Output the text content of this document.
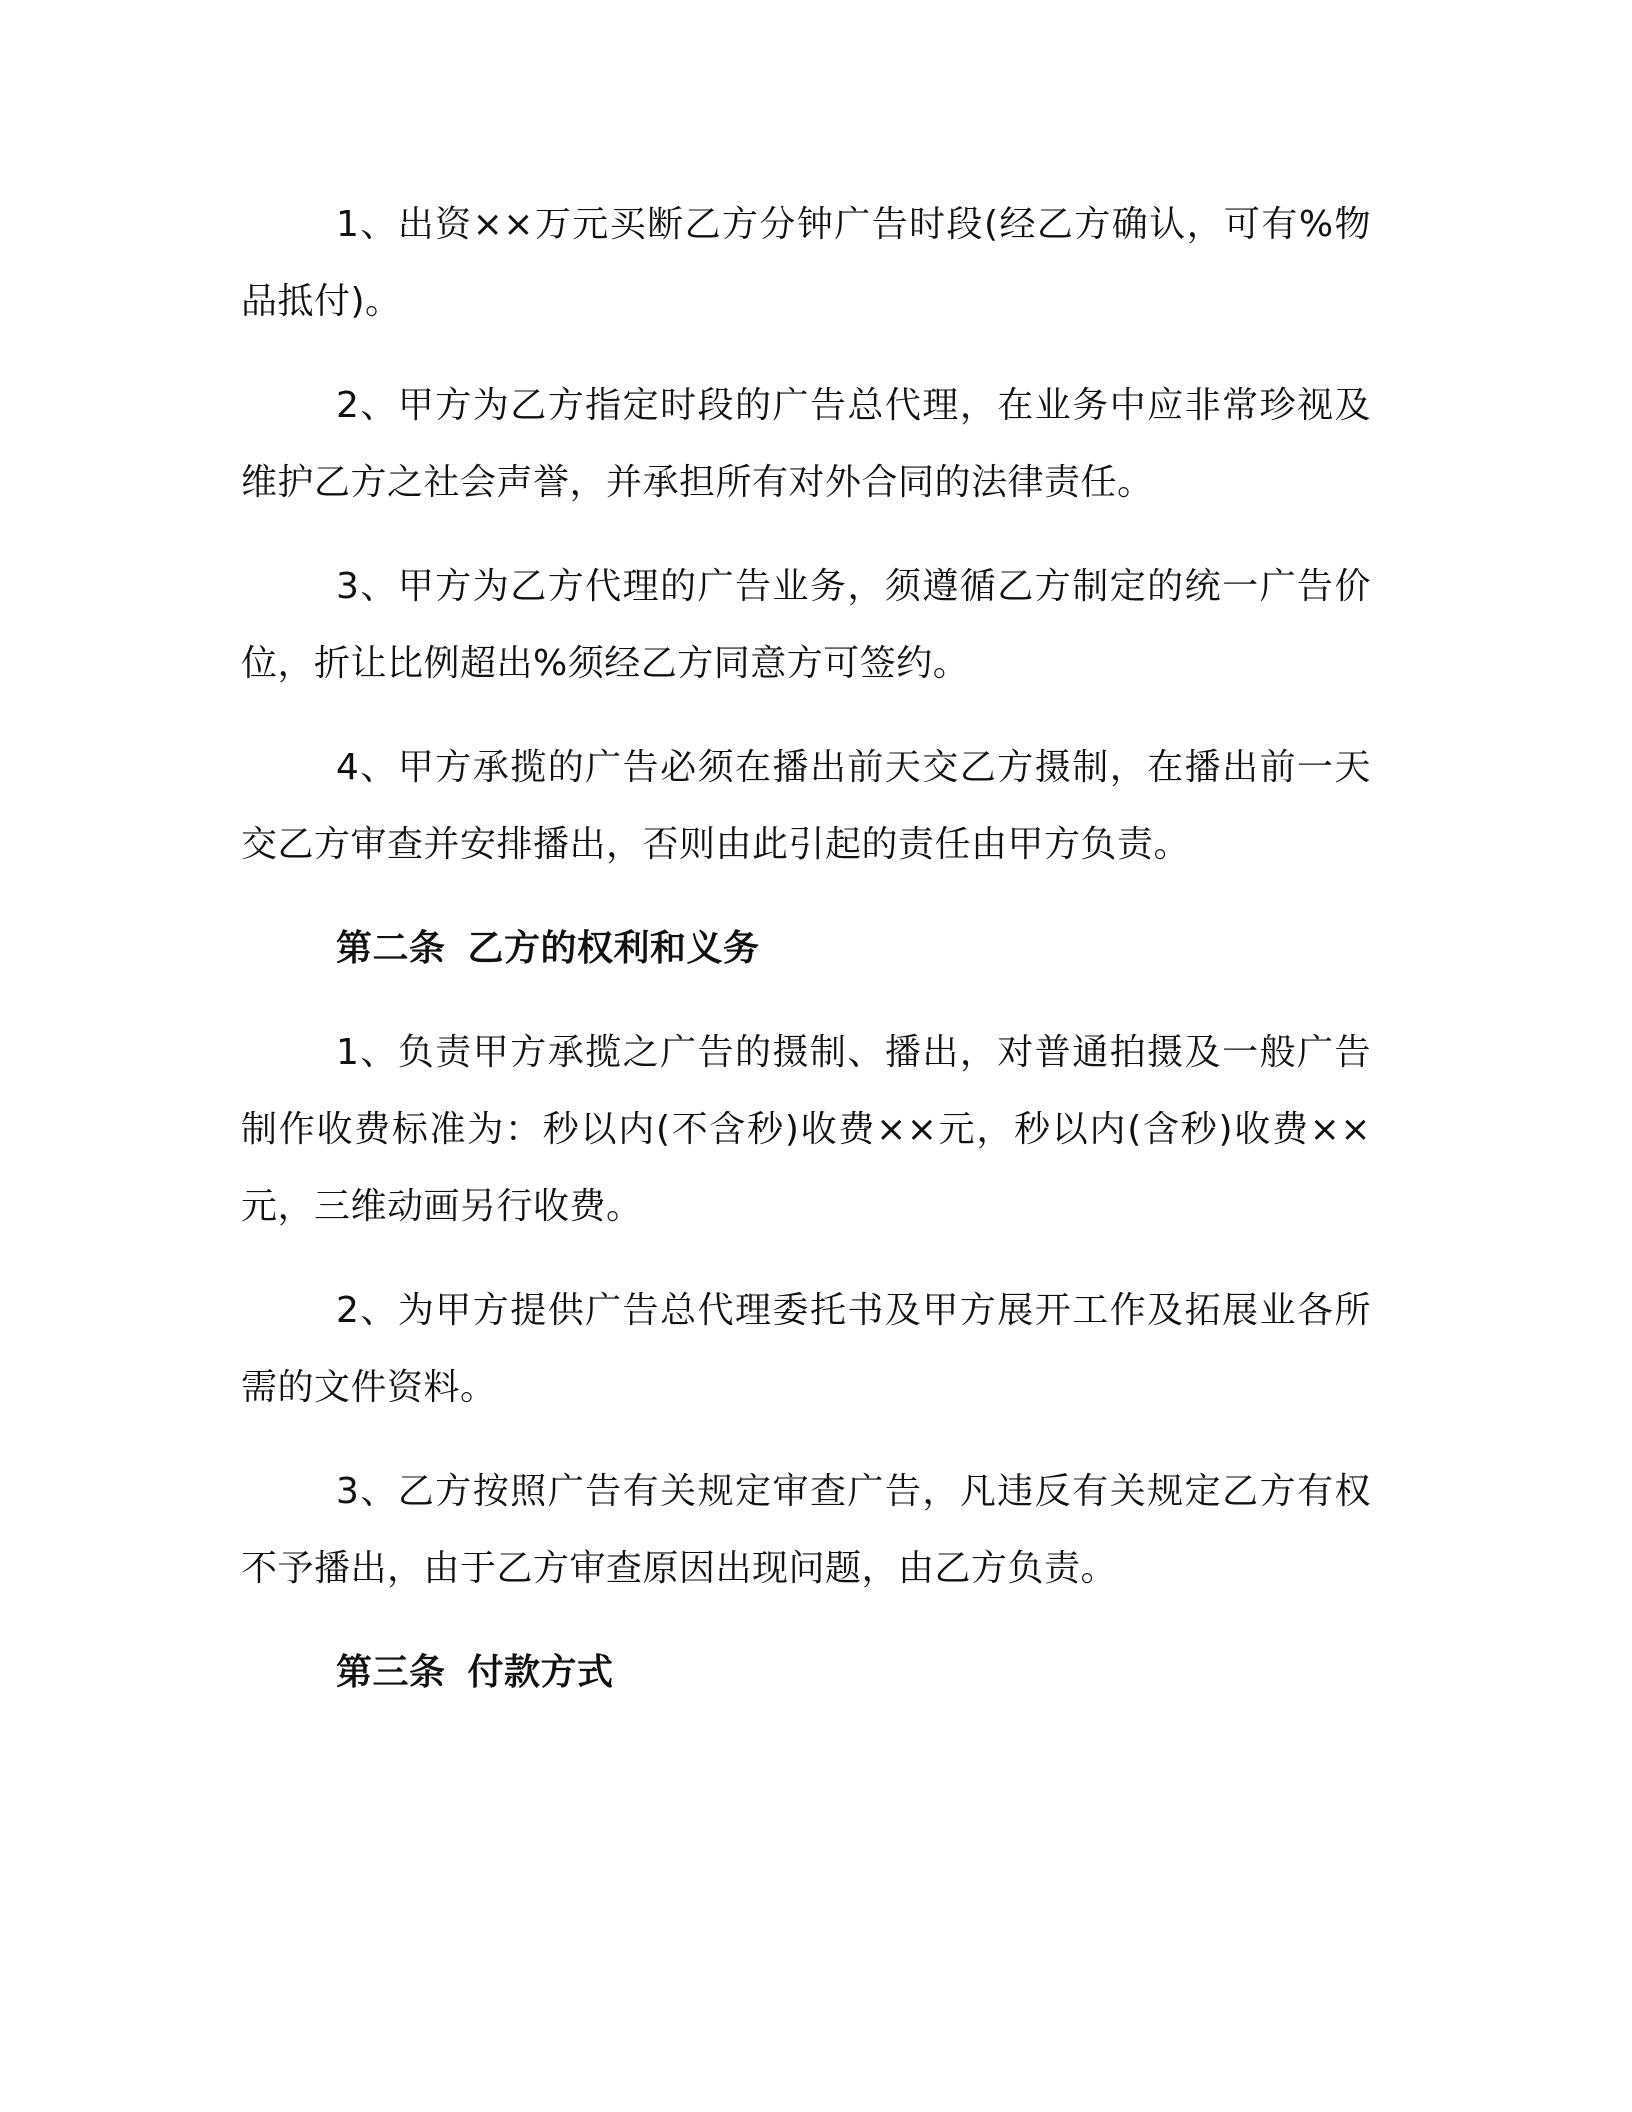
1、出资××万元买断乙方分钟广告时段(经乙方确认，可有%物品抵付)。

2、甲方为乙方指定时段的广告总代理，在业务中应非常珍视及维护乙方之社会声誉，并承担所有对外合同的法律责任。

3、甲方为乙方代理的广告业务，须遵循乙方制定的统一广告价位，折让比例超出%须经乙方同意方可签约。

4、甲方承揽的广告必须在播出前天交乙方摄制，在播出前一天交乙方审查并安排播出，否则由此引起的责任由甲方负责。

第二条 乙方的权利和义务

1、负责甲方承揽之广告的摄制、播出，对普通拍摄及一般广告制作收费标准为：秒以内(不含秒)收费××元，秒以内(含秒)收费××元，三维动画另行收费。

2、为甲方提供广告总代理委托书及甲方展开工作及拓展业各所需的文件资料。

3、乙方按照广告有关规定审查广告，凡违反有关规定乙方有权不予播出，由于乙方审查原因出现问题，由乙方负责。

第三条 付款方式
